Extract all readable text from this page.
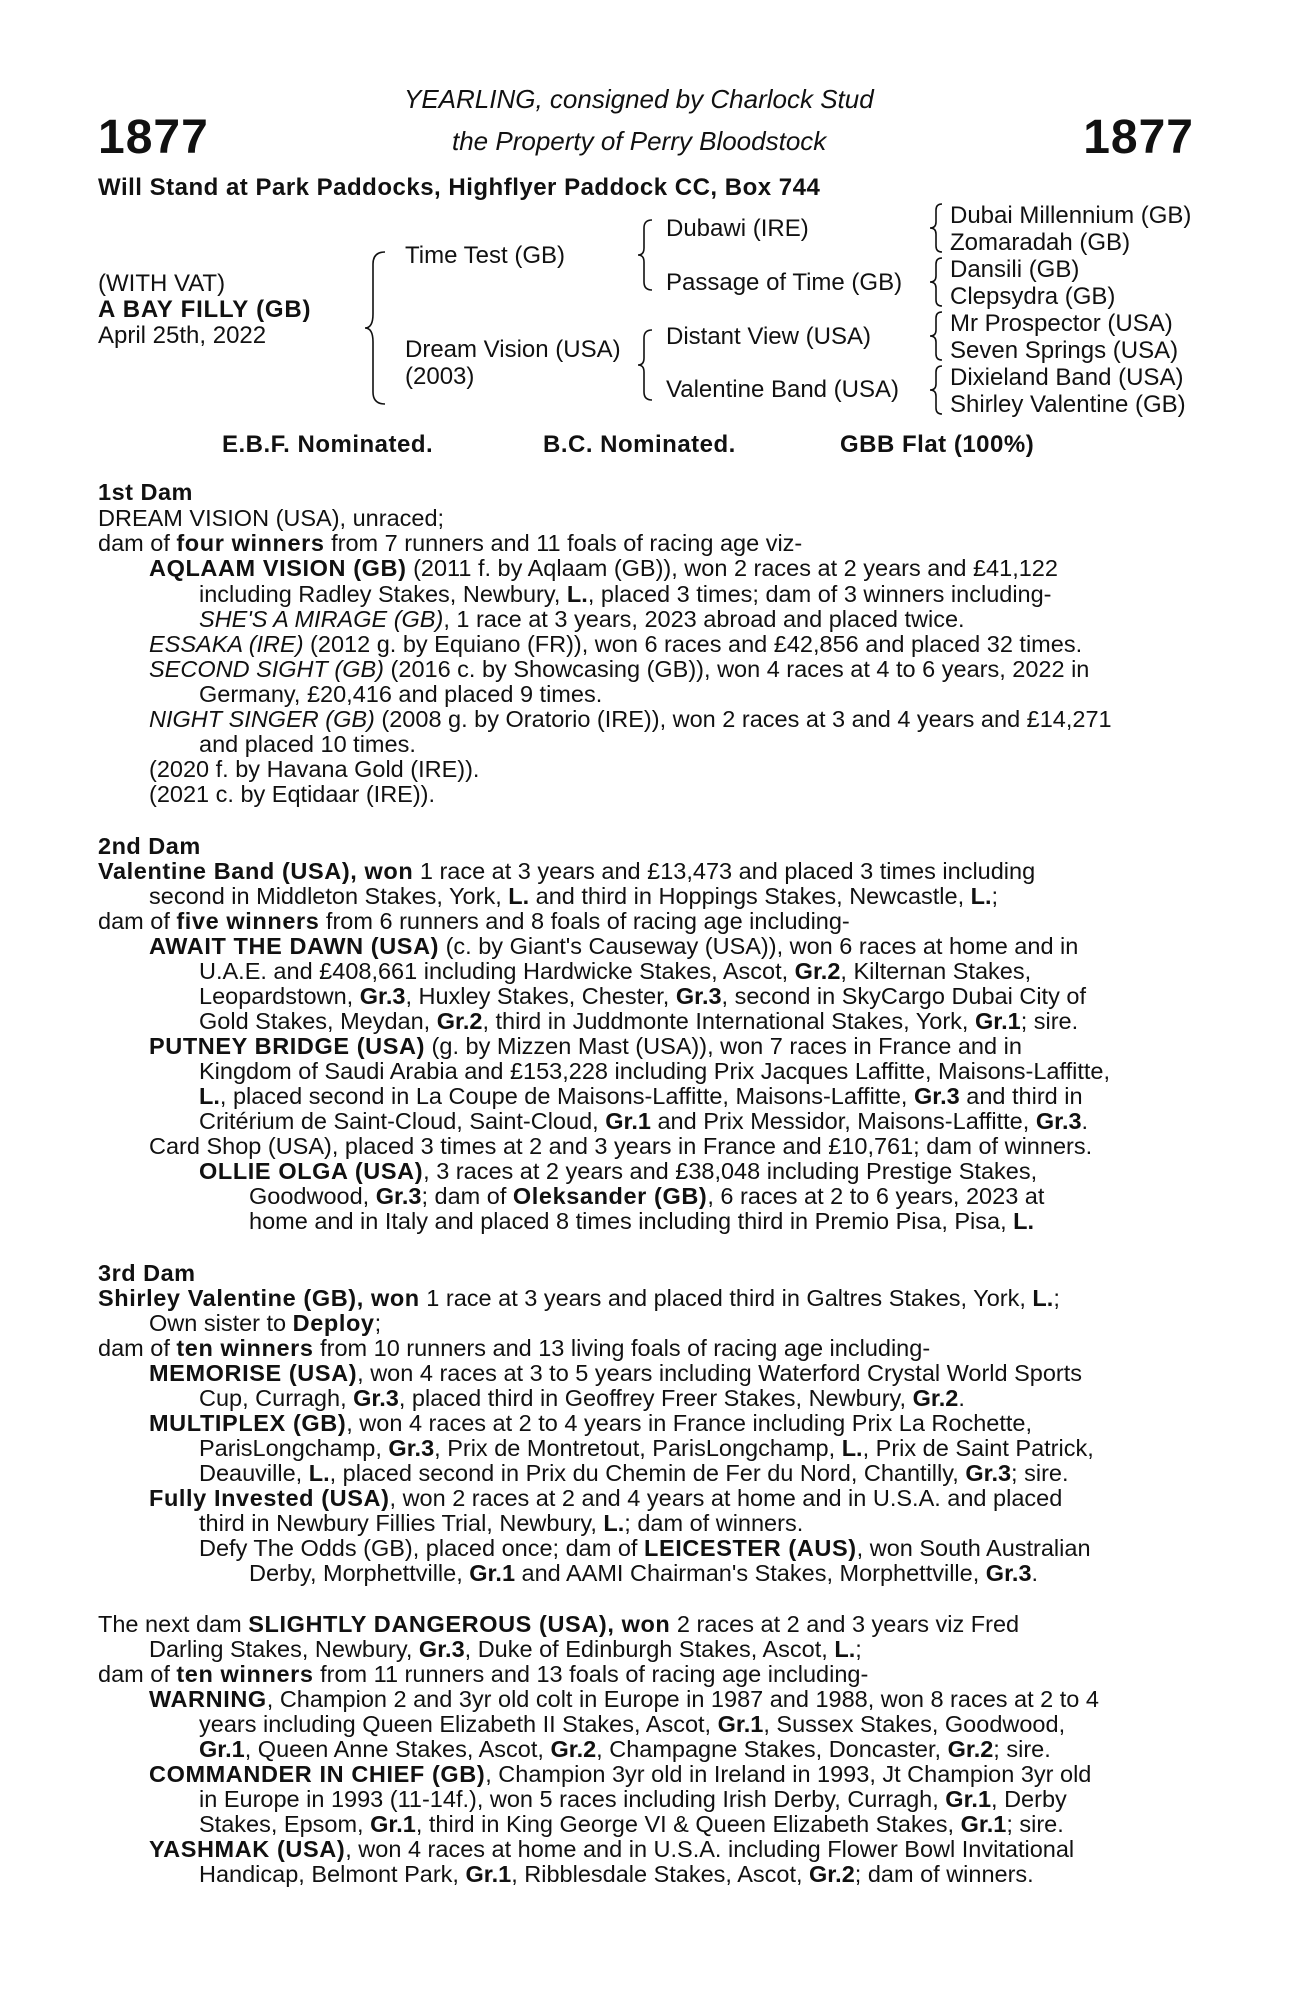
1877	1877
YEARLING, consigned by Charlock Stud
the Property of Perry Bloodstock
Will Stand at Park Paddocks, Highflyer Paddock CC, Box 744
(WITH VAT)
A BAY FILLY (GB)
April 25th, 2022
Time Test (GB)
Dream Vision (USA)
(2003)
Dubawi (IRE)
Passage of Time (GB)
Distant View (USA)
Valentine Band (USA)
Dubai Millennium (GB)
Zomaradah (GB)
Dansili (GB)
Clepsydra (GB)
Mr Prospector (USA)
Seven Springs (USA)
Dixieland Band (USA)
Shirley Valentine (GB)
E.B.F. Nominated.	B.C. Nominated.	GBB Flat (100%)
1st Dam
DREAM VISION (USA), unraced;
dam of four winners from 7 runners and 11 foals of racing age viz-
AQLAAM VISION (GB) (2011 f. by Aqlaam (GB)), won 2 races at 2 years and £41,122
including Radley Stakes, Newbury, L., placed 3 times; dam of 3 winners including-
SHE'S A MIRAGE (GB), 1 race at 3 years, 2023 abroad and placed twice.
ESSAKA (IRE) (2012 g. by Equiano (FR)), won 6 races and £42,856 and placed 32 times.
SECOND SIGHT (GB) (2016 c. by Showcasing (GB)), won 4 races at 4 to 6 years, 2022 in
Germany, £20,416 and placed 9 times.
NIGHT SINGER (GB) (2008 g. by Oratorio (IRE)), won 2 races at 3 and 4 years and £14,271
and placed 10 times.
(2020 f. by Havana Gold (IRE)).
(2021 c. by Eqtidaar (IRE)).
2nd Dam
Valentine Band (USA), won 1 race at 3 years and £13,473 and placed 3 times including
second in Middleton Stakes, York, L. and third in Hoppings Stakes, Newcastle, L.;
dam of five winners from 6 runners and 8 foals of racing age including-
AWAIT THE DAWN (USA) (c. by Giant's Causeway (USA)), won 6 races at home and in
U.A.E. and £408,661 including Hardwicke Stakes, Ascot, Gr.2, Kilternan Stakes,
Leopardstown, Gr.3, Huxley Stakes, Chester, Gr.3, second in SkyCargo Dubai City of
Gold Stakes, Meydan, Gr.2, third in Juddmonte International Stakes, York, Gr.1; sire.
PUTNEY BRIDGE (USA) (g. by Mizzen Mast (USA)), won 7 races in France and in
Kingdom of Saudi Arabia and £153,228 including Prix Jacques Laffitte, Maisons-Laffitte,
L., placed second in La Coupe de Maisons-Laffitte, Maisons-Laffitte, Gr.3 and third in
Critérium de Saint-Cloud, Saint-Cloud, Gr.1 and Prix Messidor, Maisons-Laffitte, Gr.3.
Card Shop (USA), placed 3 times at 2 and 3 years in France and £10,761; dam of winners.
OLLIE OLGA (USA), 3 races at 2 years and £38,048 including Prestige Stakes,
Goodwood, Gr.3; dam of Oleksander (GB), 6 races at 2 to 6 years, 2023 at
home and in Italy and placed 8 times including third in Premio Pisa, Pisa, L.
3rd Dam
Shirley Valentine (GB), won 1 race at 3 years and placed third in Galtres Stakes, York, L.;
Own sister to Deploy;
dam of ten winners from 10 runners and 13 living foals of racing age including-
MEMORISE (USA), won 4 races at 3 to 5 years including Waterford Crystal World Sports
Cup, Curragh, Gr.3, placed third in Geoffrey Freer Stakes, Newbury, Gr.2.
MULTIPLEX (GB), won 4 races at 2 to 4 years in France including Prix La Rochette,
ParisLongchamp, Gr.3, Prix de Montretout, ParisLongchamp, L., Prix de Saint Patrick,
Deauville, L., placed second in Prix du Chemin de Fer du Nord, Chantilly, Gr.3; sire.
Fully Invested (USA), won 2 races at 2 and 4 years at home and in U.S.A. and placed
third in Newbury Fillies Trial, Newbury, L.; dam of winners.
Defy The Odds (GB), placed once; dam of LEICESTER (AUS), won South Australian
Derby, Morphettville, Gr.1 and AAMI Chairman's Stakes, Morphettville, Gr.3.
The next dam SLIGHTLY DANGEROUS (USA), won 2 races at 2 and 3 years viz Fred
Darling Stakes, Newbury, Gr.3, Duke of Edinburgh Stakes, Ascot, L.;
dam of ten winners from 11 runners and 13 foals of racing age including-
WARNING, Champion 2 and 3yr old colt in Europe in 1987 and 1988, won 8 races at 2 to 4
years including Queen Elizabeth II Stakes, Ascot, Gr.1, Sussex Stakes, Goodwood,
Gr.1, Queen Anne Stakes, Ascot, Gr.2, Champagne Stakes, Doncaster, Gr.2; sire.
COMMANDER IN CHIEF (GB), Champion 3yr old in Ireland in 1993, Jt Champion 3yr old
in Europe in 1993 (11-14f.), won 5 races including Irish Derby, Curragh, Gr.1, Derby
Stakes, Epsom, Gr.1, third in King George VI & Queen Elizabeth Stakes, Gr.1; sire.
YASHMAK (USA), won 4 races at home and in U.S.A. including Flower Bowl Invitational
Handicap, Belmont Park, Gr.1, Ribblesdale Stakes, Ascot, Gr.2; dam of winners.
